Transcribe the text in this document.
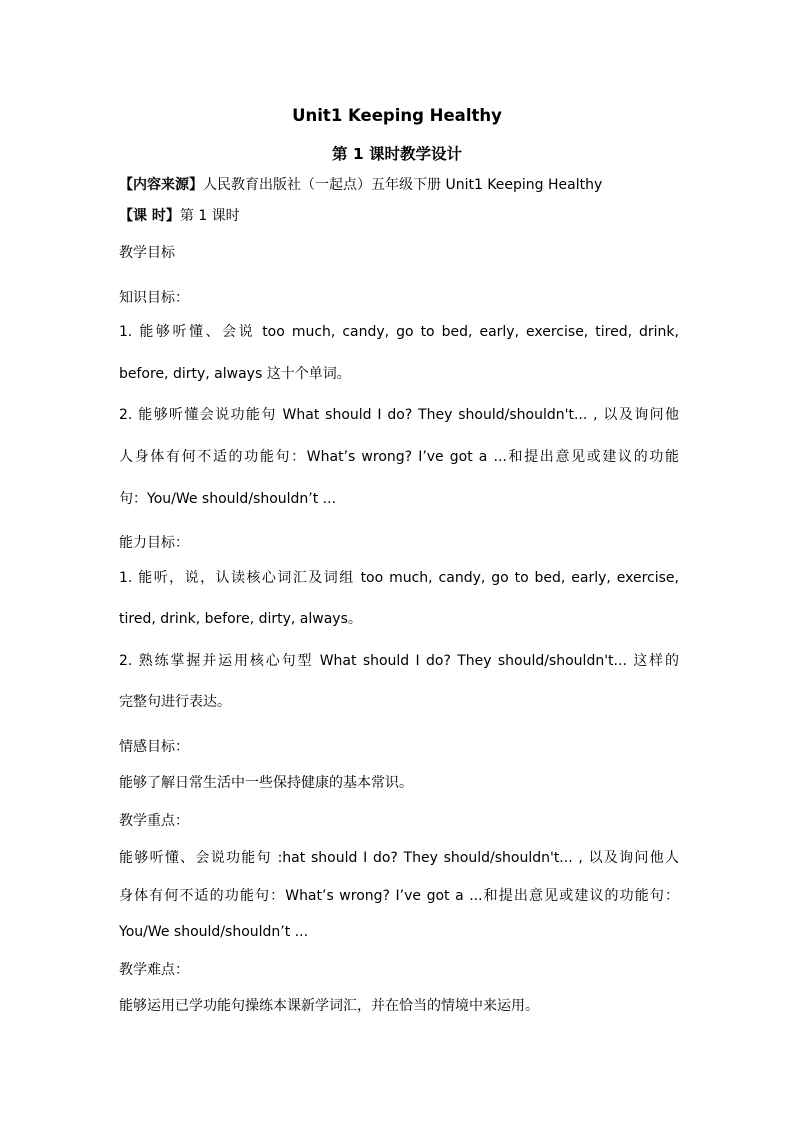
Unit1 Keeping Healthy
第 1 课时教学设计
【内容来源】人民教育出版社（一起点）五年级下册 Unit1 Keeping Healthy
【课 时】第 1 课时
教学目标
知识目标：
1. 能够听懂、会说 too much, candy, go to bed, early, exercise, tired, drink,
before, dirty, always 这十个单词。
2. 能够听懂会说功能句 What should I do? They should/shouldn't... , 以及询问他
人身体有何不适的功能句：What’s wrong? I’ve got a ...和提出意见或建议的功能
句：You/We should/shouldn’t ...
能力目标：
1. 能听，说，认读核心词汇及词组 too much, candy, go to bed, early, exercise,
tired, drink, before, dirty, always。
2. 熟练掌握并运用核心句型 What should I do? They should/shouldn't... 这样的
完整句进行表达。
情感目标：
能够了解日常生活中一些保持健康的基本常识。
教学重点：
能够听懂、会说功能句 :hat should I do? They should/shouldn't... , 以及询问他人
身体有何不适的功能句：What’s wrong? I’ve got a ...和提出意见或建议的功能句：
You/We should/shouldn’t ...
教学难点：
能够运用已学功能句操练本课新学词汇，并在恰当的情境中来运用。
